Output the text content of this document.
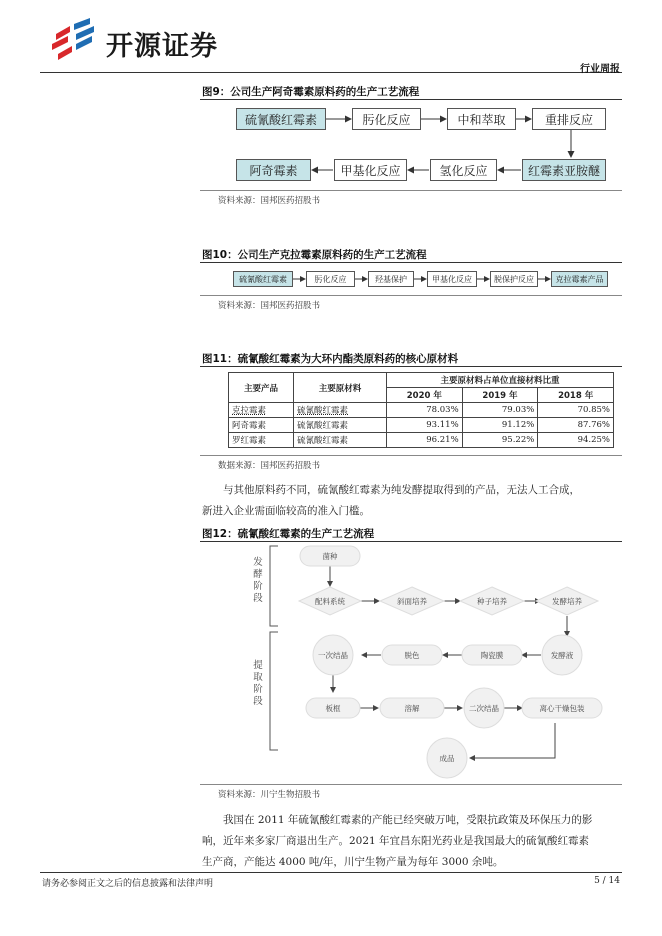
开源证券
行业周报
图9：公司生产阿奇霉素原料药的生产工艺流程
硫氰酸红霉素	肟化反应	中和萃取	重排反应
阿奇霉素	甲基化反应	氢化反应	红霉素亚胺醚
资料来源：国邦医药招股书
图10：公司生产克拉霉素原料药的生产工艺流程
硫氰酸红霉素	肟化反应	羟基保护	甲基化反应	脱保护反应	克拉霉素产品
资料来源：国邦医药招股书
图11：硫氰酸红霉素为大环内酯类原料药的核心原材料
主要产品	主要原材料	主要原材料占单位直接材料比重		
		2020 年	2019 年	2018 年
克拉霉素	硫氰酸红霉素	78.03%	79.03%	70.85%
阿奇霉素	硫氰酸红霉素	93.11%	91.12%	87.76%
罗红霉素	硫氰酸红霉素	96.21%	95.22%	94.25%
数据来源：国邦医药招股书
与其他原料药不同，硫氰酸红霉素为纯发酵提取得到的产品，无法人工合成，
新进入企业需面临较高的准入门槛。
图12：硫氰酸红霉素的生产工艺流程
发酵阶段
提取阶段
菌种
配料系统	斜面培养	种子培养	发酵培养
发酵液
陶瓷膜
脱色
一次结晶
板框	溶解	二次结晶	离心干燥包装
成品
资料来源：川宁生物招股书
我国在 2011 年硫氰酸红霉素的产能已经突破万吨，受限抗政策及环保压力的影
响，近年来多家厂商退出生产。2021 年宜昌东阳光药业是我国最大的硫氰酸红霉素
生产商，产能达 4000 吨/年，川宁生物产量为每年 3000 余吨。
请务必参阅正文之后的信息披露和法律声明	5 / 14
